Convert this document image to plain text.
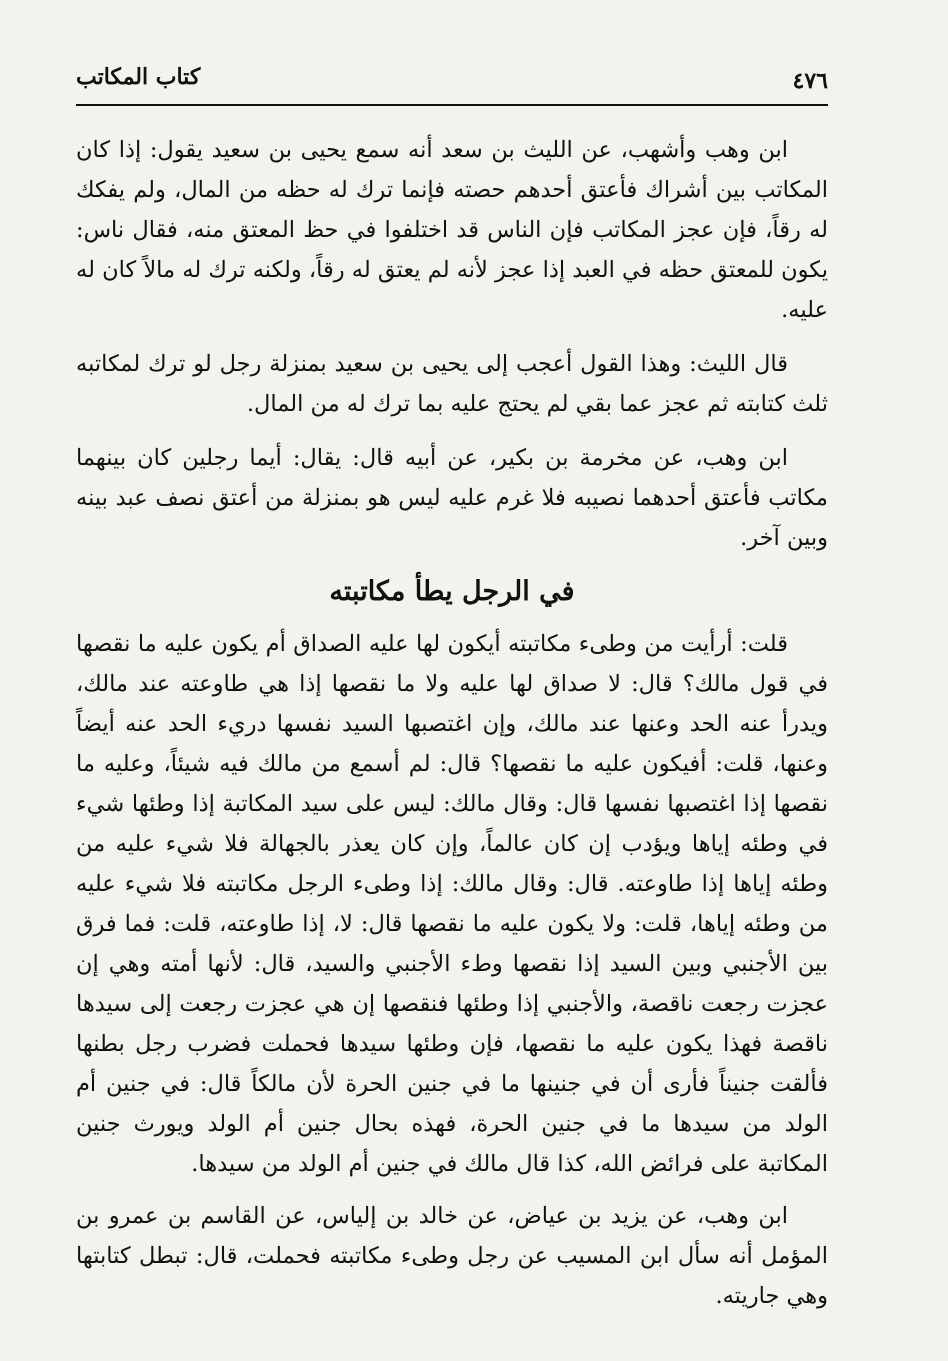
كتاب المكاتب	٤٧٦

ابن وهب وأشهب، عن الليث بن سعد أنه سمع يحيى بن سعيد يقول: إذا كان المكاتب بين أشراك فأعتق أحدهم حصته فإنما ترك له حظه من المال، ولم يفكك له رقاً، فإن عجز المكاتب فإن الناس قد اختلفوا في حظ المعتق منه، فقال ناس: يكون للمعتق حظه في العبد إذا عجز لأنه لم يعتق له رقاً، ولكنه ترك له مالاً كان له عليه.

قال الليث: وهذا القول أعجب إلى يحيى بن سعيد بمنزلة رجل لو ترك لمكاتبه ثلث كتابته ثم عجز عما بقي لم يحتج عليه بما ترك له من المال.

ابن وهب، عن مخرمة بن بكير، عن أبيه قال: يقال: أيما رجلين كان بينهما مكاتب فأعتق أحدهما نصيبه فلا غرم عليه ليس هو بمنزلة من أعتق نصف عبد بينه وبين آخر.

في الرجل يطأ مكاتبته

قلت: أرأيت من وطىء مكاتبته أيكون لها عليه الصداق أم يكون عليه ما نقصها في قول مالك؟ قال: لا صداق لها عليه ولا ما نقصها إذا هي طاوعته عند مالك، ويدرأ عنه الحد وعنها عند مالك، وإن اغتصبها السيد نفسها دريء الحد عنه أيضاً وعنها، قلت: أفيكون عليه ما نقصها؟ قال: لم أسمع من مالك فيه شيئاً، وعليه ما نقصها إذا اغتصبها نفسها قال: وقال مالك: ليس على سيد المكاتبة إذا وطئها شيء في وطئه إياها ويؤدب إن كان عالماً، وإن كان يعذر بالجهالة فلا شيء عليه من وطئه إياها إذا طاوعته. قال: وقال مالك: إذا وطىء الرجل مكاتبته فلا شيء عليه من وطئه إياها، قلت: ولا يكون عليه ما نقصها قال: لا، إذا طاوعته، قلت: فما فرق بين الأجنبي وبين السيد إذا نقصها وطء الأجنبي والسيد، قال: لأنها أمته وهي إن عجزت رجعت ناقصة، والأجنبي إذا وطئها فنقصها إن هي عجزت رجعت إلى سيدها ناقصة فهذا يكون عليه ما نقصها، فإن وطئها سيدها فحملت فضرب رجل بطنها فألقت جنيناً فأرى أن في جنينها ما في جنين الحرة لأن مالكاً قال: في جنين أم الولد من سيدها ما في جنين الحرة، فهذه بحال جنين أم الولد ويورث جنين المكاتبة على فرائض الله، كذا قال مالك في جنين أم الولد من سيدها.

ابن وهب، عن يزيد بن عياض، عن خالد بن إلياس، عن القاسم بن عمرو بن المؤمل أنه سأل ابن المسيب عن رجل وطىء مكاتبته فحملت، قال: تبطل كتابتها وهي جاريته.
